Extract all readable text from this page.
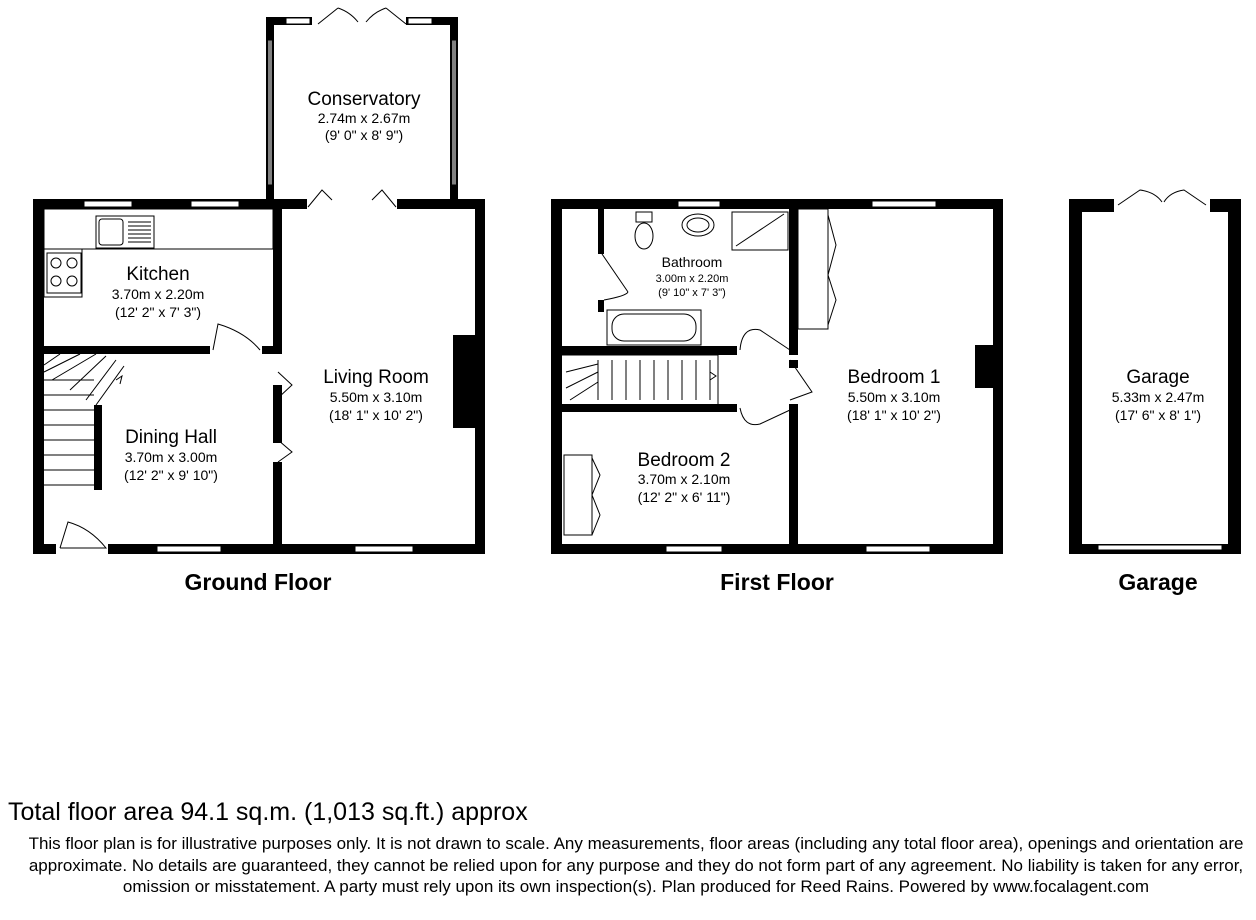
Conservatory
2.74m x 2.67m
(9' 0" x 8' 9")
Kitchen
3.70m x 2.20m
(12' 2" x 7' 3")
Living Room
5.50m x 3.10m
(18' 1" x 10' 2")
Dining Hall
3.70m x 3.00m
(12' 2" x 9' 10")
Bathroom
3.00m x 2.20m
(9' 10" x 7' 3")
Bedroom 1
5.50m x 3.10m
(18' 1" x 10' 2")
Bedroom 2
3.70m x 2.10m
(12' 2" x 6' 11")
Garage
5.33m x 2.47m
(17' 6" x 8' 1")
Ground Floor	First Floor	Garage
Total floor area 94.1 sq.m. (1,013 sq.ft.) approx
This floor plan is for illustrative purposes only. It is not drawn to scale. Any measurements, floor areas (including any total floor area), openings and orientation are approximate. No details are guaranteed, they cannot be relied upon for any purpose and they do not form part of any agreement. No liability is taken for any error, omission or misstatement. A party must rely upon its own inspection(s). Plan produced for Reed Rains. Powered by www.focalagent.com
